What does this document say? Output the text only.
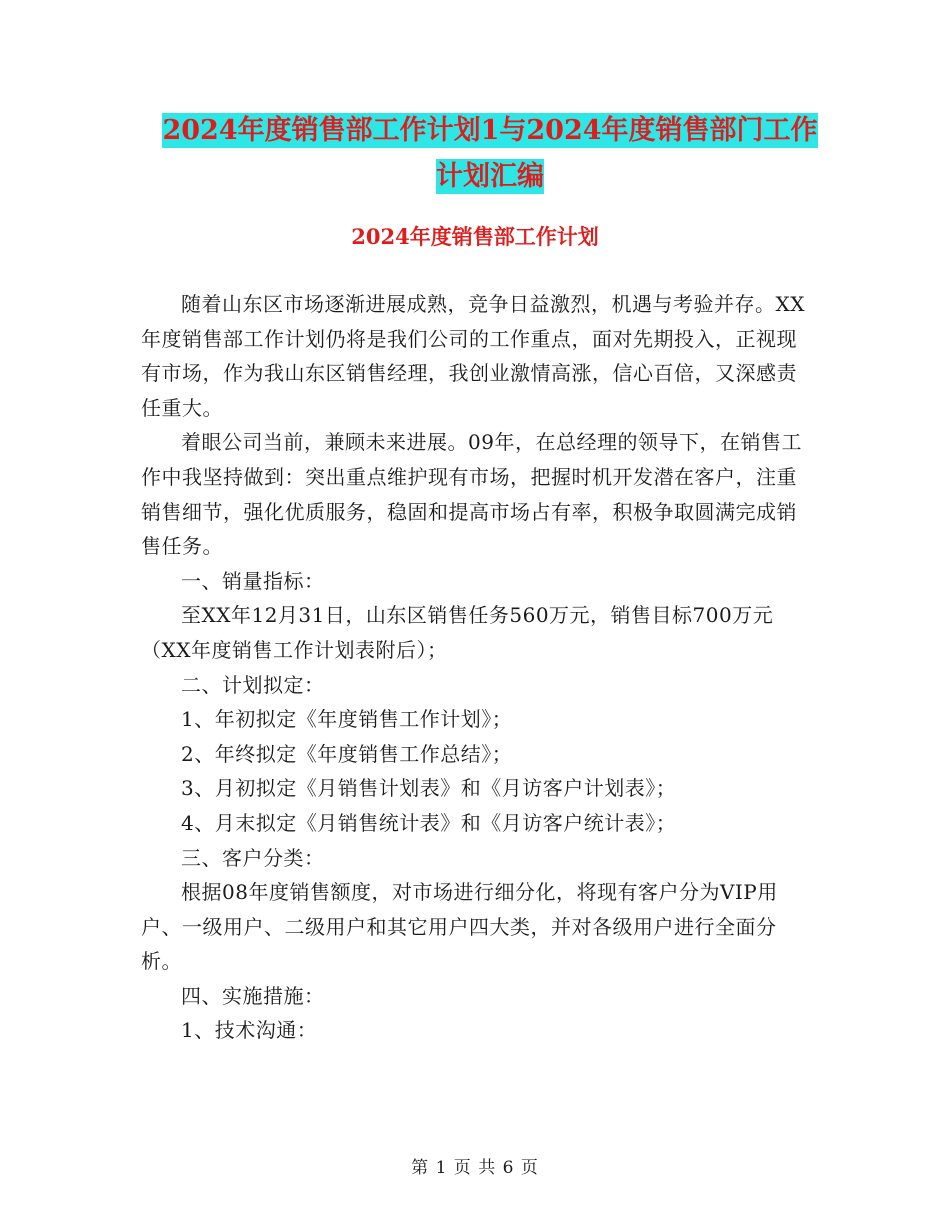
2024年度销售部工作计划1与2024年度销售部门工作
计划汇编
2024年度销售部工作计划

随着山东区市场逐渐进展成熟，竞争日益激烈，机遇与考验并存。XX年度销售部工作计划仍将是我们公司的工作重点，面对先期投入，正视现有市场，作为我山东区销售经理，我创业激情高涨，信心百倍，又深感责任重大。

着眼公司当前，兼顾未来进展。09年，在总经理的领导下，在销售工作中我坚持做到：突出重点维护现有市场，把握时机开发潜在客户，注重销售细节，强化优质服务，稳固和提高市场占有率，积极争取圆满完成销售任务。

一、销量指标：

至XX年12月31日，山东区销售任务560万元，销售目标700万元（XX年度销售工作计划表附后）；

二、计划拟定：

1、年初拟定《年度销售工作计划》；

2、年终拟定《年度销售工作总结》；

3、月初拟定《月销售计划表》和《月访客户计划表》；

4、月末拟定《月销售统计表》和《月访客户统计表》；

三、客户分类：

根据08年度销售额度，对市场进行细分化，将现有客户分为VIP用户、一级用户、二级用户和其它用户四大类，并对各级用户进行全面分析。

四、实施措施：

1、技术沟通：

第 1 页 共 6 页
